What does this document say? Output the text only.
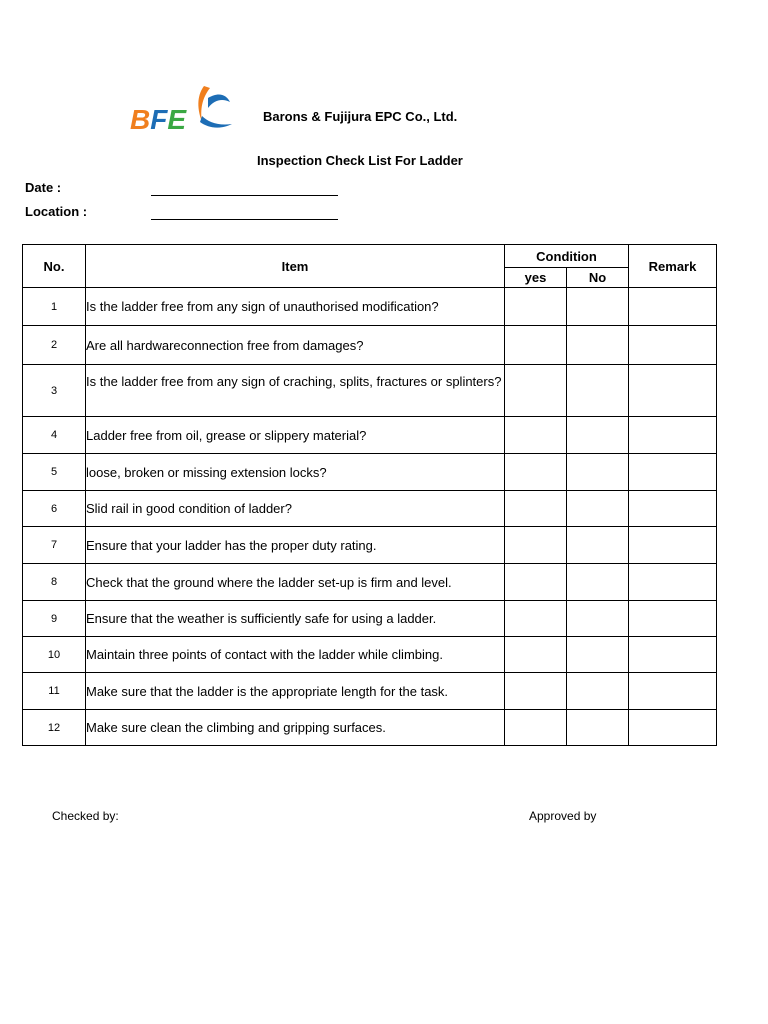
BFE	Barons & Fujijura EPC Co., Ltd.
Inspection Check List For Ladder
Date :
Location :
No.	Item	Condition		Remark
		yes	No	
1	Is the ladder free from any sign of unauthorised modification?			
2	Are all hardwareconnection free from damages?			
3	Is the ladder free from any sign of craching, splits, fractures or splinters?			
4	Ladder free from oil, grease or slippery material?			
5	loose, broken or missing extension locks?			
6	Slid rail in good condition of ladder?			
7	Ensure that your ladder has the proper duty rating.			
8	Check that the ground where the ladder set-up is firm and level.			
9	Ensure that the weather is sufficiently safe for using a ladder.			
10	Maintain three points of contact with the ladder while climbing.			
11	Make sure that the ladder is the appropriate length for the task.			
12	Make sure clean the climbing and gripping surfaces.			
Checked by:	Approved by
